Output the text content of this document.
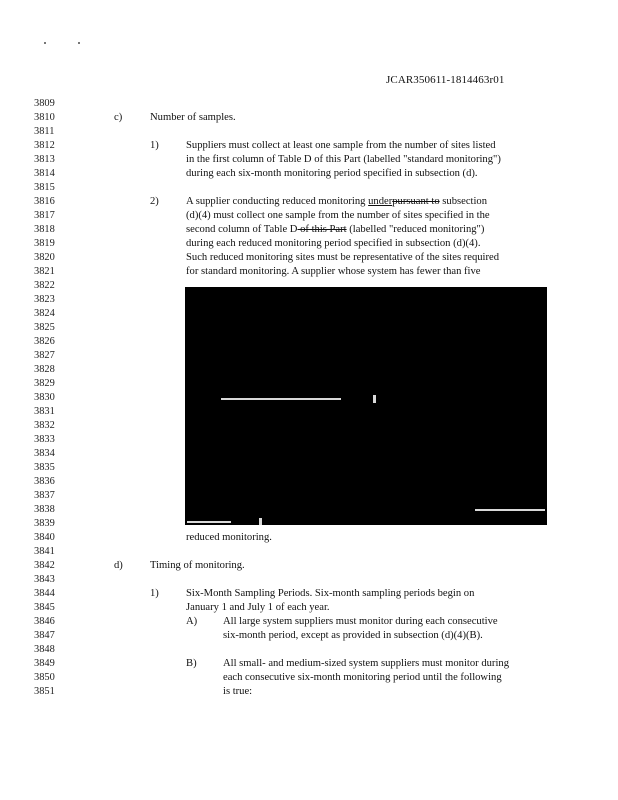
JCAR350611-1814463r01
3809
3810
3811
3812
3813
3814
3815
3816
3817
3818
3819
3820
3821
3822
3823
3824
3825
3826
3827
3828
3829
3830
3831
3832
3833
3834
3835
3836
3837
3838
3839
3840
3841
3842
3843
3844
3845
3846
3847
3848
3849
3850
3851
c)	Number of samples.
1)	Suppliers must collect at least one sample from the number of sites listed
in the first column of Table D of this Part (labelled "standard monitoring")
during each six-month monitoring period specified in subsection (d).
2)	A supplier conducting reduced monitoring underpursuant to subsection
(d)(4) must collect one sample from the number of sites specified in the
second column of Table D of this Part (labelled "reduced monitoring")
during each reduced monitoring period specified in subsection (d)(4).
Such reduced monitoring sites must be representative of the sites required
for standard monitoring. A supplier whose system has fewer than five
reduced monitoring.
d)	Timing of monitoring.
1)	Six-Month Sampling Periods. Six-month sampling periods begin on
January 1 and July 1 of each year.
A) All large system suppliers must monitor during each consecutive
six-month period, except as provided in subsection (d)(4)(B).
B) All small- and medium-sized system suppliers must monitor during
each consecutive six-month monitoring period until the following
is true:
